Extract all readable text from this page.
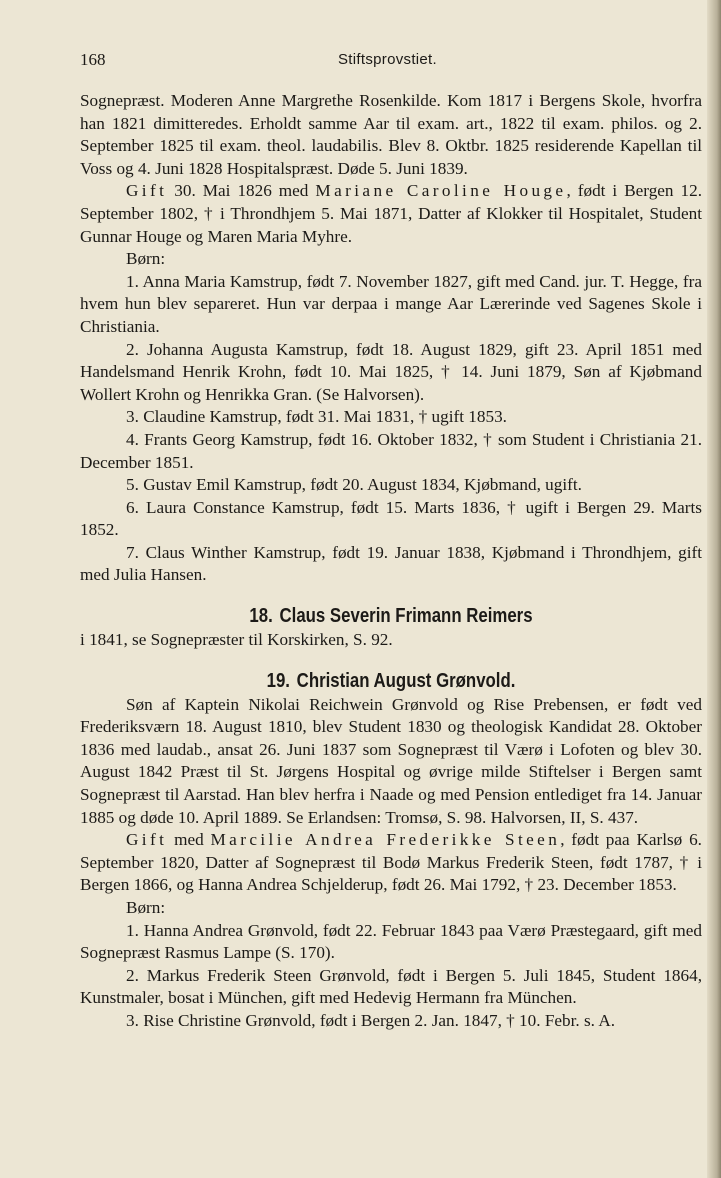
168	Stiftsprovstiet.

Sognepræst. Moderen Anne Margrethe Rosenkilde. Kom 1817 i Bergens Skole, hvorfra han 1821 dimitteredes. Erholdt samme Aar til exam. art., 1822 til exam. philos. og 2. September 1825 til exam. theol. laudabilis. Blev 8. Oktbr. 1825 residerende Kapellan til Voss og 4. Juni 1828 Hospitalspræst. Døde 5. Juni 1839.

Gift 30. Mai 1826 med Mariane Caroline Houge, født i Bergen 12. September 1802, † i Throndhjem 5. Mai 1871, Datter af Klokker til Hospitalet, Student Gunnar Houge og Maren Maria Myhre.

Børn:

1. Anna Maria Kamstrup, født 7. November 1827, gift med Cand. jur. T. Hegge, fra hvem hun blev separeret. Hun var derpaa i mange Aar Lærerinde ved Sagenes Skole i Christiania.

2. Johanna Augusta Kamstrup, født 18. August 1829, gift 23. April 1851 med Handelsmand Henrik Krohn, født 10. Mai 1825, † 14. Juni 1879, Søn af Kjøbmand Wollert Krohn og Henrikka Gran. (Se Halvorsen).

3. Claudine Kamstrup, født 31. Mai 1831, † ugift 1853.

4. Frants Georg Kamstrup, født 16. Oktober 1832, † som Student i Christiania 21. December 1851.

5. Gustav Emil Kamstrup, født 20. August 1834, Kjøbmand, ugift.

6. Laura Constance Kamstrup, født 15. Marts 1836, † ugift i Bergen 29. Marts 1852.

7. Claus Winther Kamstrup, født 19. Januar 1838, Kjøbmand i Throndhjem, gift med Julia Hansen.

18. Claus Severin Frimann Reimers

i 1841, se Sognepræster til Korskirken, S. 92.

19. Christian August Grønvold.

Søn af Kaptein Nikolai Reichwein Grønvold og Rise Prebensen, er født ved Frederiksværn 18. August 1810, blev Student 1830 og theologisk Kandidat 28. Oktober 1836 med laudab., ansat 26. Juni 1837 som Sognepræst til Værø i Lofoten og blev 30. August 1842 Præst til St. Jørgens Hospital og øvrige milde Stiftelser i Bergen samt Sognepræst til Aarstad. Han blev herfra i Naade og med Pension entlediget fra 14. Januar 1885 og døde 10. April 1889. Se Erlandsen: Tromsø, S. 98. Halvorsen, II, S. 437.

Gift med Marcilie Andrea Frederikke Steen, født paa Karlsø 6. September 1820, Datter af Sognepræst til Bodø Markus Frederik Steen, født 1787, † i Bergen 1866, og Hanna Andrea Schjelderup, født 26. Mai 1792, † 23. December 1853.

Børn:

1. Hanna Andrea Grønvold, født 22. Februar 1843 paa Værø Præstegaard, gift med Sognepræst Rasmus Lampe (S. 170).

2. Markus Frederik Steen Grønvold, født i Bergen 5. Juli 1845, Student 1864, Kunstmaler, bosat i München, gift med Hedevig Hermann fra München.

3. Rise Christine Grønvold, født i Bergen 2. Jan. 1847, † 10. Febr. s. A.
